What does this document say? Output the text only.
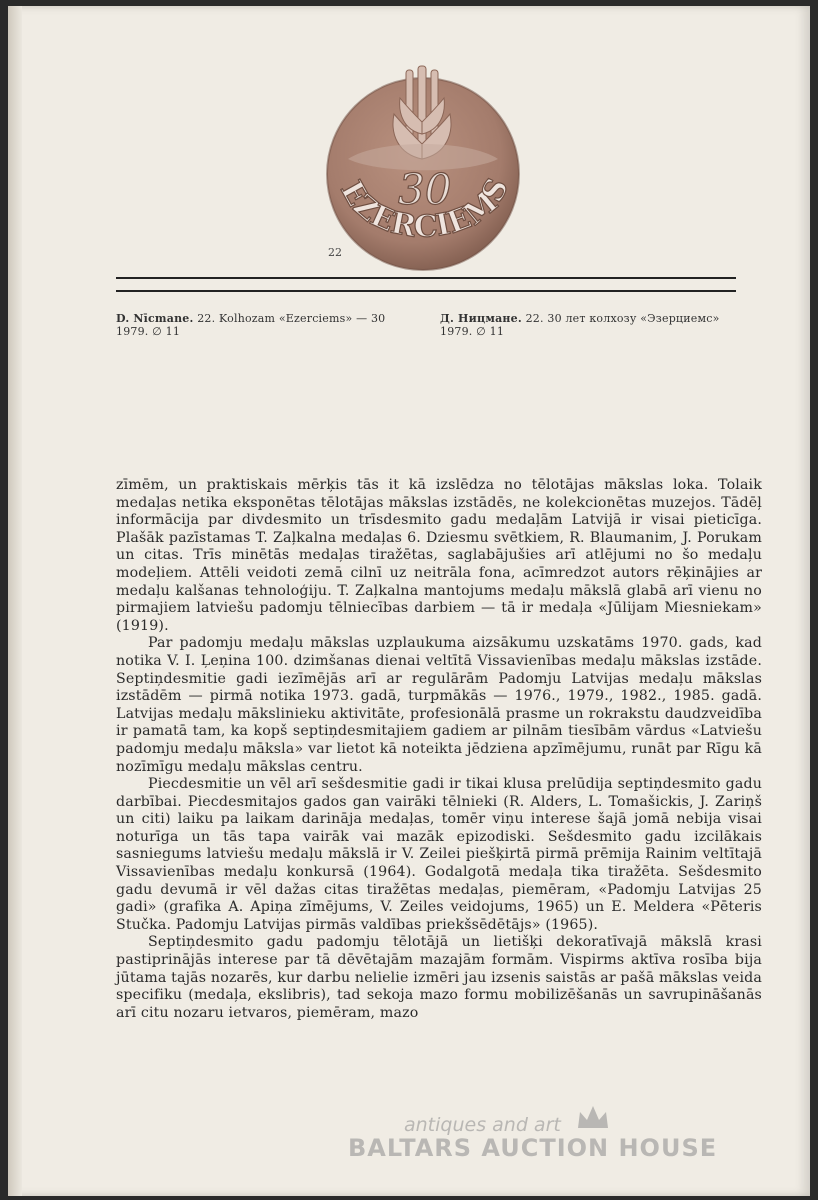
30
EZERCIEMS
22
D. Nīcmane. 22. Kolhozam «Ezerciems» — 30
1979. ∅ 11
Д. Ницмане. 22. 30 лет колхозу «Эзерциемс»
1979. ∅ 11

zīmēm, un praktiskais mērķis tās it kā izslēdza no tēlotājas mākslas loka. Tolaik medaļas netika eksponētas tēlotājas mākslas izstādēs, ne kolekcionētas muzejos. Tādēļ informācija par divdesmito un trīsdesmito gadu medaļām Latvijā ir visai pieticīga. Plašāk pazīstamas T. Zaļkalna medaļas 6. Dziesmu svētkiem, R. Blaumanim, J. Porukam un citas. Trīs minētās medaļas tiražētas, saglabājušies arī atlējumi no šo medaļu modeļiem. Attēli veidoti zemā cilnī uz neitrāla fona, acīmredzot autors rēķinājies ar medaļu kalšanas tehnoloģiju. T. Zaļkalna mantojums medaļu mākslā glabā arī vienu no pirmajiem latviešu padomju tēlniecības darbiem — tā ir medaļa «Jūlijam Miesniekam» (1919).

Par padomju medaļu mākslas uzplaukuma aizsākumu uzskatāms 1970. gads, kad notika V. I. Ļeņina 100. dzimšanas dienai veltītā Vissavienības medaļu mākslas izstāde. Septiņdesmitie gadi iezīmējās arī ar regulārām Padomju Latvijas medaļu mākslas izstādēm — pirmā notika 1973. gadā, turpmākās — 1976., 1979., 1982., 1985. gadā. Latvijas medaļu mākslinieku aktivitāte, profesionālā prasme un rokrakstu daudzveidība ir pamatā tam, ka kopš septiņdesmitajiem gadiem ar pilnām tiesībām vārdus «Latviešu padomju medaļu māksla» var lietot kā noteikta jēdziena apzīmējumu, runāt par Rīgu kā nozīmīgu medaļu mākslas centru.

Piecdesmitie un vēl arī sešdesmitie gadi ir tikai klusa prelūdija septiņdesmito gadu darbībai. Piecdesmitajos gados gan vairāki tēlnieki (R. Alders, L. Tomašickis, J. Zariņš un citi) laiku pa laikam darināja medaļas, tomēr viņu interese šajā jomā nebija visai noturīga un tās tapa vairāk vai mazāk epizodiski. Sešdesmito gadu izcilākais sasniegums latviešu medaļu mākslā ir V. Zeilei piešķirtā pirmā prēmija Rainim veltītajā Vissavienības medaļu konkursā (1964). Godalgotā medaļa tika tiražēta. Sešdesmito gadu devumā ir vēl dažas citas tiražētas medaļas, piemēram, «Padomju Latvijas 25 gadi» (grafika A. Apiņa zīmējums, V. Zeiles veidojums, 1965) un E. Meldera «Pēteris Stučka. Padomju Latvijas pirmās valdības priekšsēdētājs» (1965).

Septiņdesmito gadu padomju tēlotājā un lietišķi dekoratīvajā mākslā krasi pastiprinājās interese par tā dēvētajām mazajām formām. Vispirms aktīva rosība bija jūtama tajās nozarēs, kur darbu nelielie izmēri jau izsenis saistās ar pašā mākslas veida specifiku (medaļa, ekslibris), tad sekoja mazo formu mobilizēšanās un savrupināšanās arī citu nozaru ietvaros, piemēram, mazo

antiques and art
BALTARS AUCTION HOUSE
